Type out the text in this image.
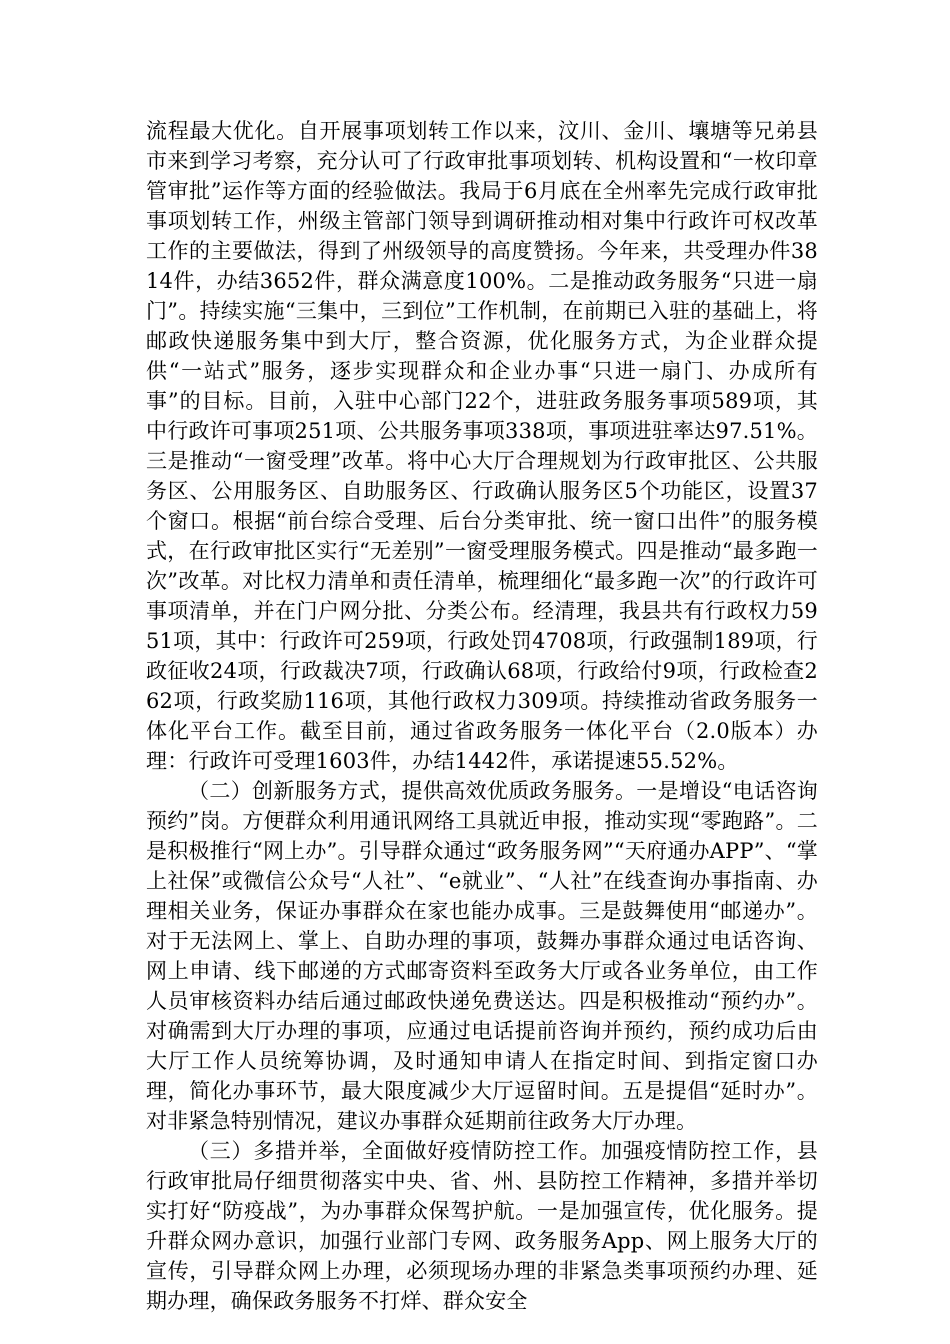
流程最大优化。自开展事项划转工作以来，汶川、金川、壤塘等兄弟县市来到学习考察，充分认可了行政审批事项划转、机构设置和“一枚印章管审批”运作等方面的经验做法。我局于6月底在全州率先完成行政审批事项划转工作，州级主管部门领导到调研推动相对集中行政许可权改革工作的主要做法，得到了州级领导的高度赞扬。今年来，共受理办件3814件，办结3652件，群众满意度100%。二是推动政务服务“只进一扇门”。持续实施“三集中，三到位”工作机制，在前期已入驻的基础上，将邮政快递服务集中到大厅，整合资源，优化服务方式，为企业群众提供“一站式”服务，逐步实现群众和企业办事“只进一扇门、办成所有事”的目标。目前，入驻中心部门22个，进驻政务服务事项589项，其中行政许可事项251项、公共服务事项338项，事项进驻率达97.51%。三是推动“一窗受理”改革。将中心大厅合理规划为行政审批区、公共服务区、公用服务区、自助服务区、行政确认服务区5个功能区，设置37个窗口。根据“前台综合受理、后台分类审批、统一窗口出件”的服务模式，在行政审批区实行“无差别”一窗受理服务模式。四是推动“最多跑一次”改革。对比权力清单和责任清单，梳理细化“最多跑一次”的行政许可事项清单，并在门户网分批、分类公布。经清理，我县共有行政权力5951项，其中：行政许可259项，行政处罚4708项，行政强制189项，行政征收24项，行政裁决7项，行政确认68项，行政给付9项，行政检查262项，行政奖励116项，其他行政权力309项。持续推动省政务服务一体化平台工作。截至目前，通过省政务服务一体化平台（2.0版本）办理：行政许可受理1603件，办结1442件，承诺提速55.52%。

（二）创新服务方式，提供高效优质政务服务。一是增设“电话咨询预约”岗。方便群众利用通讯网络工具就近申报，推动实现“零跑路”。二是积极推行“网上办”。引导群众通过“政务服务网”“天府通办APP”、“掌上社保”或微信公众号“人社”、“e就业”、“人社”在线查询办事指南、办理相关业务，保证办事群众在家也能办成事。三是鼓舞使用“邮递办”。对于无法网上、掌上、自助办理的事项，鼓舞办事群众通过电话咨询、网上申请、线下邮递的方式邮寄资料至政务大厅或各业务单位，由工作人员审核资料办结后通过邮政快递免费送达。四是积极推动“预约办”。对确需到大厅办理的事项，应通过电话提前咨询并预约，预约成功后由大厅工作人员统筹协调，及时通知申请人在指定时间、到指定窗口办理，简化办事环节，最大限度减少大厅逗留时间。五是提倡“延时办”。对非紧急特别情况，建议办事群众延期前往政务大厅办理。

（三）多措并举，全面做好疫情防控工作。加强疫情防控工作，县行政审批局仔细贯彻落实中央、省、州、县防控工作精神，多措并举切实打好“防疫战”，为办事群众保驾护航。一是加强宣传，优化服务。提升群众网办意识，加强行业部门专网、政务服务App、网上服务大厅的宣传，引导群众网上办理，必须现场办理的非紧急类事项预约办理、延期办理，确保政务服务不打烊、群众安全
